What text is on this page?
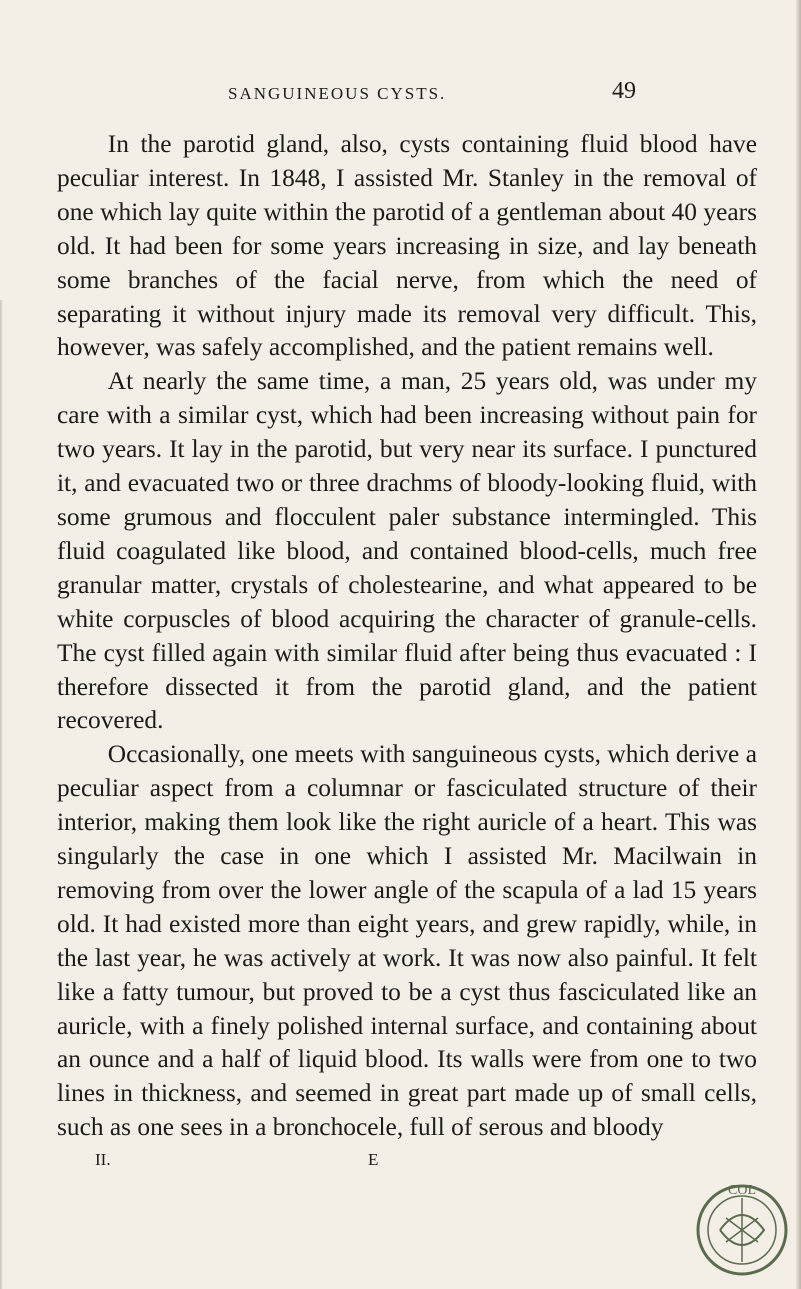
SANGUINEOUS CYSTS.	49

In the parotid gland, also, cysts containing fluid blood have peculiar interest. In 1848, I assisted Mr. Stanley in the removal of one which lay quite within the parotid of a gentleman about 40 years old. It had been for some years increasing in size, and lay beneath some branches of the facial nerve, from which the need of separating it without injury made its removal very difficult. This, however, was safely accomplished, and the patient remains well.

At nearly the same time, a man, 25 years old, was under my care with a similar cyst, which had been increasing without pain for two years. It lay in the parotid, but very near its surface. I punctured it, and evacuated two or three drachms of bloody-looking fluid, with some grumous and flocculent paler substance intermingled. This fluid coagulated like blood, and contained blood-cells, much free granular matter, crystals of cholestearine, and what appeared to be white corpuscles of blood acquiring the character of granule-cells. The cyst filled again with similar fluid after being thus evacuated : I therefore dissected it from the parotid gland, and the patient recovered.

Occasionally, one meets with sanguineous cysts, which derive a peculiar aspect from a columnar or fasciculated structure of their interior, making them look like the right auricle of a heart. This was singularly the case in one which I assisted Mr. Macilwain in removing from over the lower angle of the scapula of a lad 15 years old. It had existed more than eight years, and grew rapidly, while, in the last year, he was actively at work. It was now also painful. It felt like a fatty tumour, but proved to be a cyst thus fasciculated like an auricle, with a finely polished internal surface, and containing about an ounce and a half of liquid blood. Its walls were from one to two lines in thickness, and seemed in great part made up of small cells, such as one sees in a bronchocele, full of serous and bloody

II.	E
COL
